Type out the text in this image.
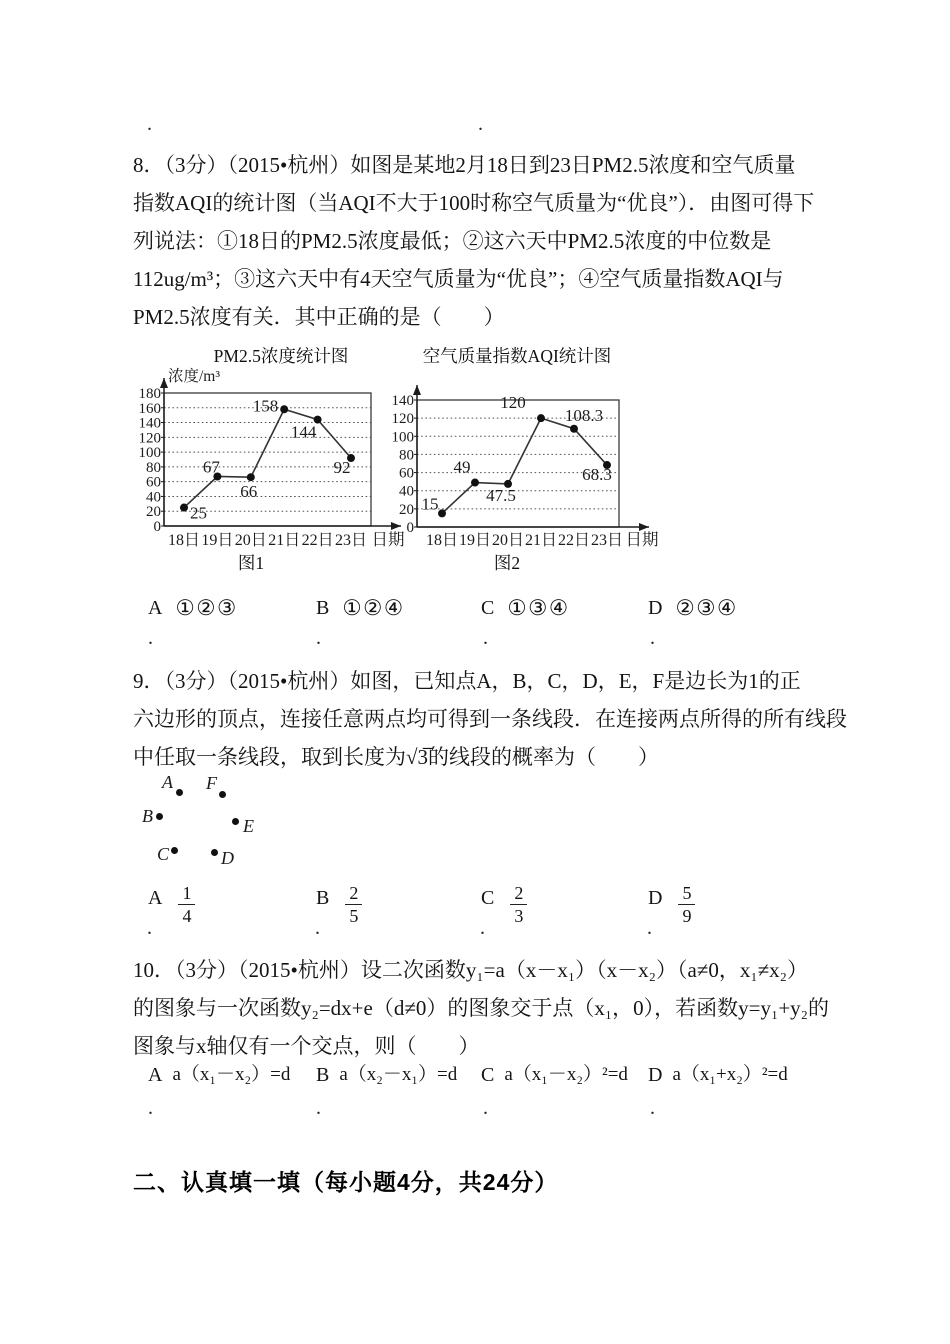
.	.
8．（3分）（2015•杭州）如图是某地2月18日到23日PM2.5浓度和空气质量
指数AQI的统计图（当AQI不大于100时称空气质量为“优良”）．由图可得下
列说法：①18日的PM2.5浓度最低；②这六天中PM2.5浓度的中位数是
112ug/m³；③这六天中有4天空气质量为“优良”；④空气质量指数AQI与
PM2.5浓度有关．其中正确的是（　　）
0
20
40
60
80
100
120
140
160
180
18日 19日 20日 21日 22日 23日 日期
25
67
66
158
144
92
PM2.5浓度统计图
浓度/m³
图1
0
20
40
60
80
100
120
140
18日 19日 20日 21日 22日 23日 日期
15
49
47.5
120
108.3
68.3
空气质量指数AQI统计图
图2
A ①②③	B ①②④	C ①③④	D ②③④
.	.	.	.
9．（3分）（2015•杭州）如图，已知点A，B，C，D，E，F是边长为1的正
六边形的顶点，连接任意两点均可得到一条线段．在连接两点所得的所有线段
中任取一条线段，取到长度为√3̅的线段的概率为（　　）
A F
B	E
C	D
A $\frac{1}{4}$	B $\frac{2}{5}$	C $\frac{2}{3}$	D $\frac{5}{9}$
.	.	.	.
10．（3分）（2015•杭州）设二次函数y₁=a（x－x₁）（x－x₂）（a≠0，x₁≠x₂）
的图象与一次函数y₂=dx+e（d≠0）的图象交于点（x₁，0），若函数y=y₁+y₂的
图象与x轴仅有一个交点，则（　　）
A a（x₁－x₂）=d B a（x₂－x₁）=d C a（x₁－x₂）²=d D a（x₁+x₂）²=d
.	.	.	.
二、认真填一填（每小题4分，共24分）
